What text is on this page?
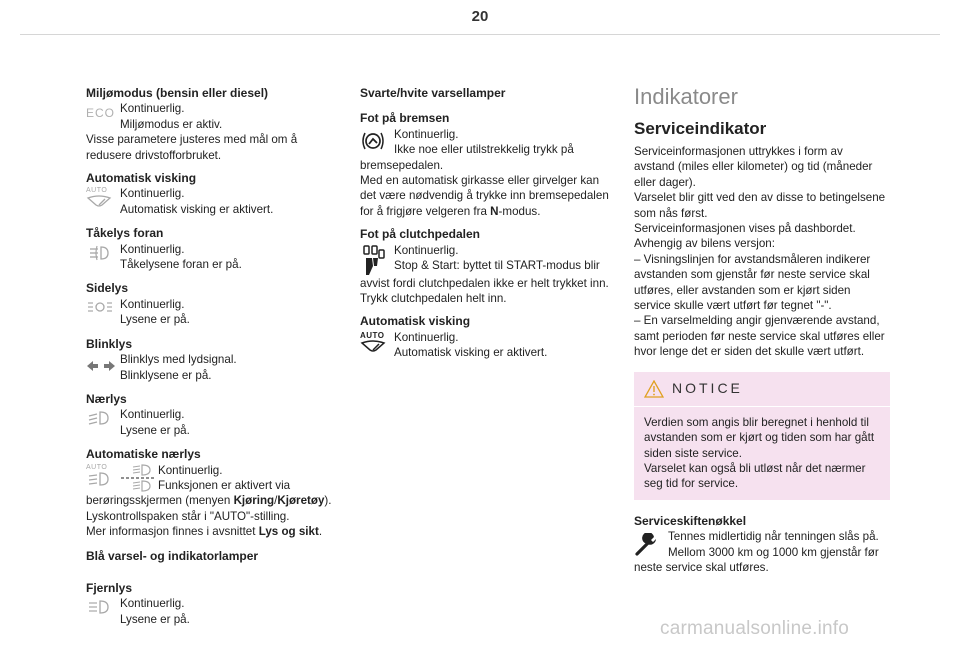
20

Miljømodus (bensin eller diesel)

ECO Kontinuerlig.
Miljømodus er aktiv.

Visse parametere justeres med mål om å

redusere drivstofforbruket.

Automatisk visking

AUTO Kontinuerlig.
Automatisk visking er aktivert.

Tåkelys foran

Kontinuerlig.
Tåkelysene foran er på.

Sidelys

Kontinuerlig.
Lysene er på.

Blinklys

Blinklys med lydsignal.
Blinklysene er på.

Nærlys

Kontinuerlig.
Lysene er på.

Automatiske nærlys

AUTO	Kontinuerlig.
Funksjonen er aktivert via

berøringsskjermen (menyen Kjøring/Kjøretøy).

Lyskontrollspaken står i "AUTO"-stilling.

Mer informasjon finnes i avsnittet Lys og sikt.

Blå varsel- og indikatorlamper

Fjernlys

Kontinuerlig.
Lysene er på.

Svarte/hvite varsellamper

Fot på bremsen

Kontinuerlig.
Ikke noe eller utilstrekkelig trykk på

bremsepedalen.

Med en automatisk girkasse eller girvelger kan

det være nødvendig å trykke inn bremsepedalen

for å frigjøre velgeren fra N-modus.

Fot på clutchpedalen

Kontinuerlig.
Stop & Start: byttet til START-modus blir

avvist fordi clutchpedalen ikke er helt trykket inn.

Trykk clutchpedalen helt inn.

Automatisk visking

AUTO Kontinuerlig.
Automatisk visking er aktivert.
Indikatorer
Serviceindikator

Serviceinformasjonen uttrykkes i form av

avstand (miles eller kilometer) og tid (måneder

eller dager).

Varselet blir gitt ved den av disse to betingelsene

som nås først.

Serviceinformasjonen vises på dashbordet.

Avhengig av bilens versjon:

– Visningslinjen for avstandsmåleren indikerer

avstanden som gjenstår før neste service skal

utføres, eller avstanden som er kjørt siden

service skulle vært utført før tegnet "-".

– En varselmelding angir gjenværende avstand,

samt perioden før neste service skal utføres eller

hvor lenge det er siden det skulle vært utført.

NOTICE

Verdien som angis blir beregnet i henhold til

avstanden som er kjørt og tiden som har gått

siden siste service.

Varselet kan også bli utløst når det nærmer

seg tid for service.

Serviceskiftenøkkel

Tennes midlertidig når tenningen slås på.
Mellom 3000 km og 1000 km gjenstår før

neste service skal utføres.

carmanualsonline.info
